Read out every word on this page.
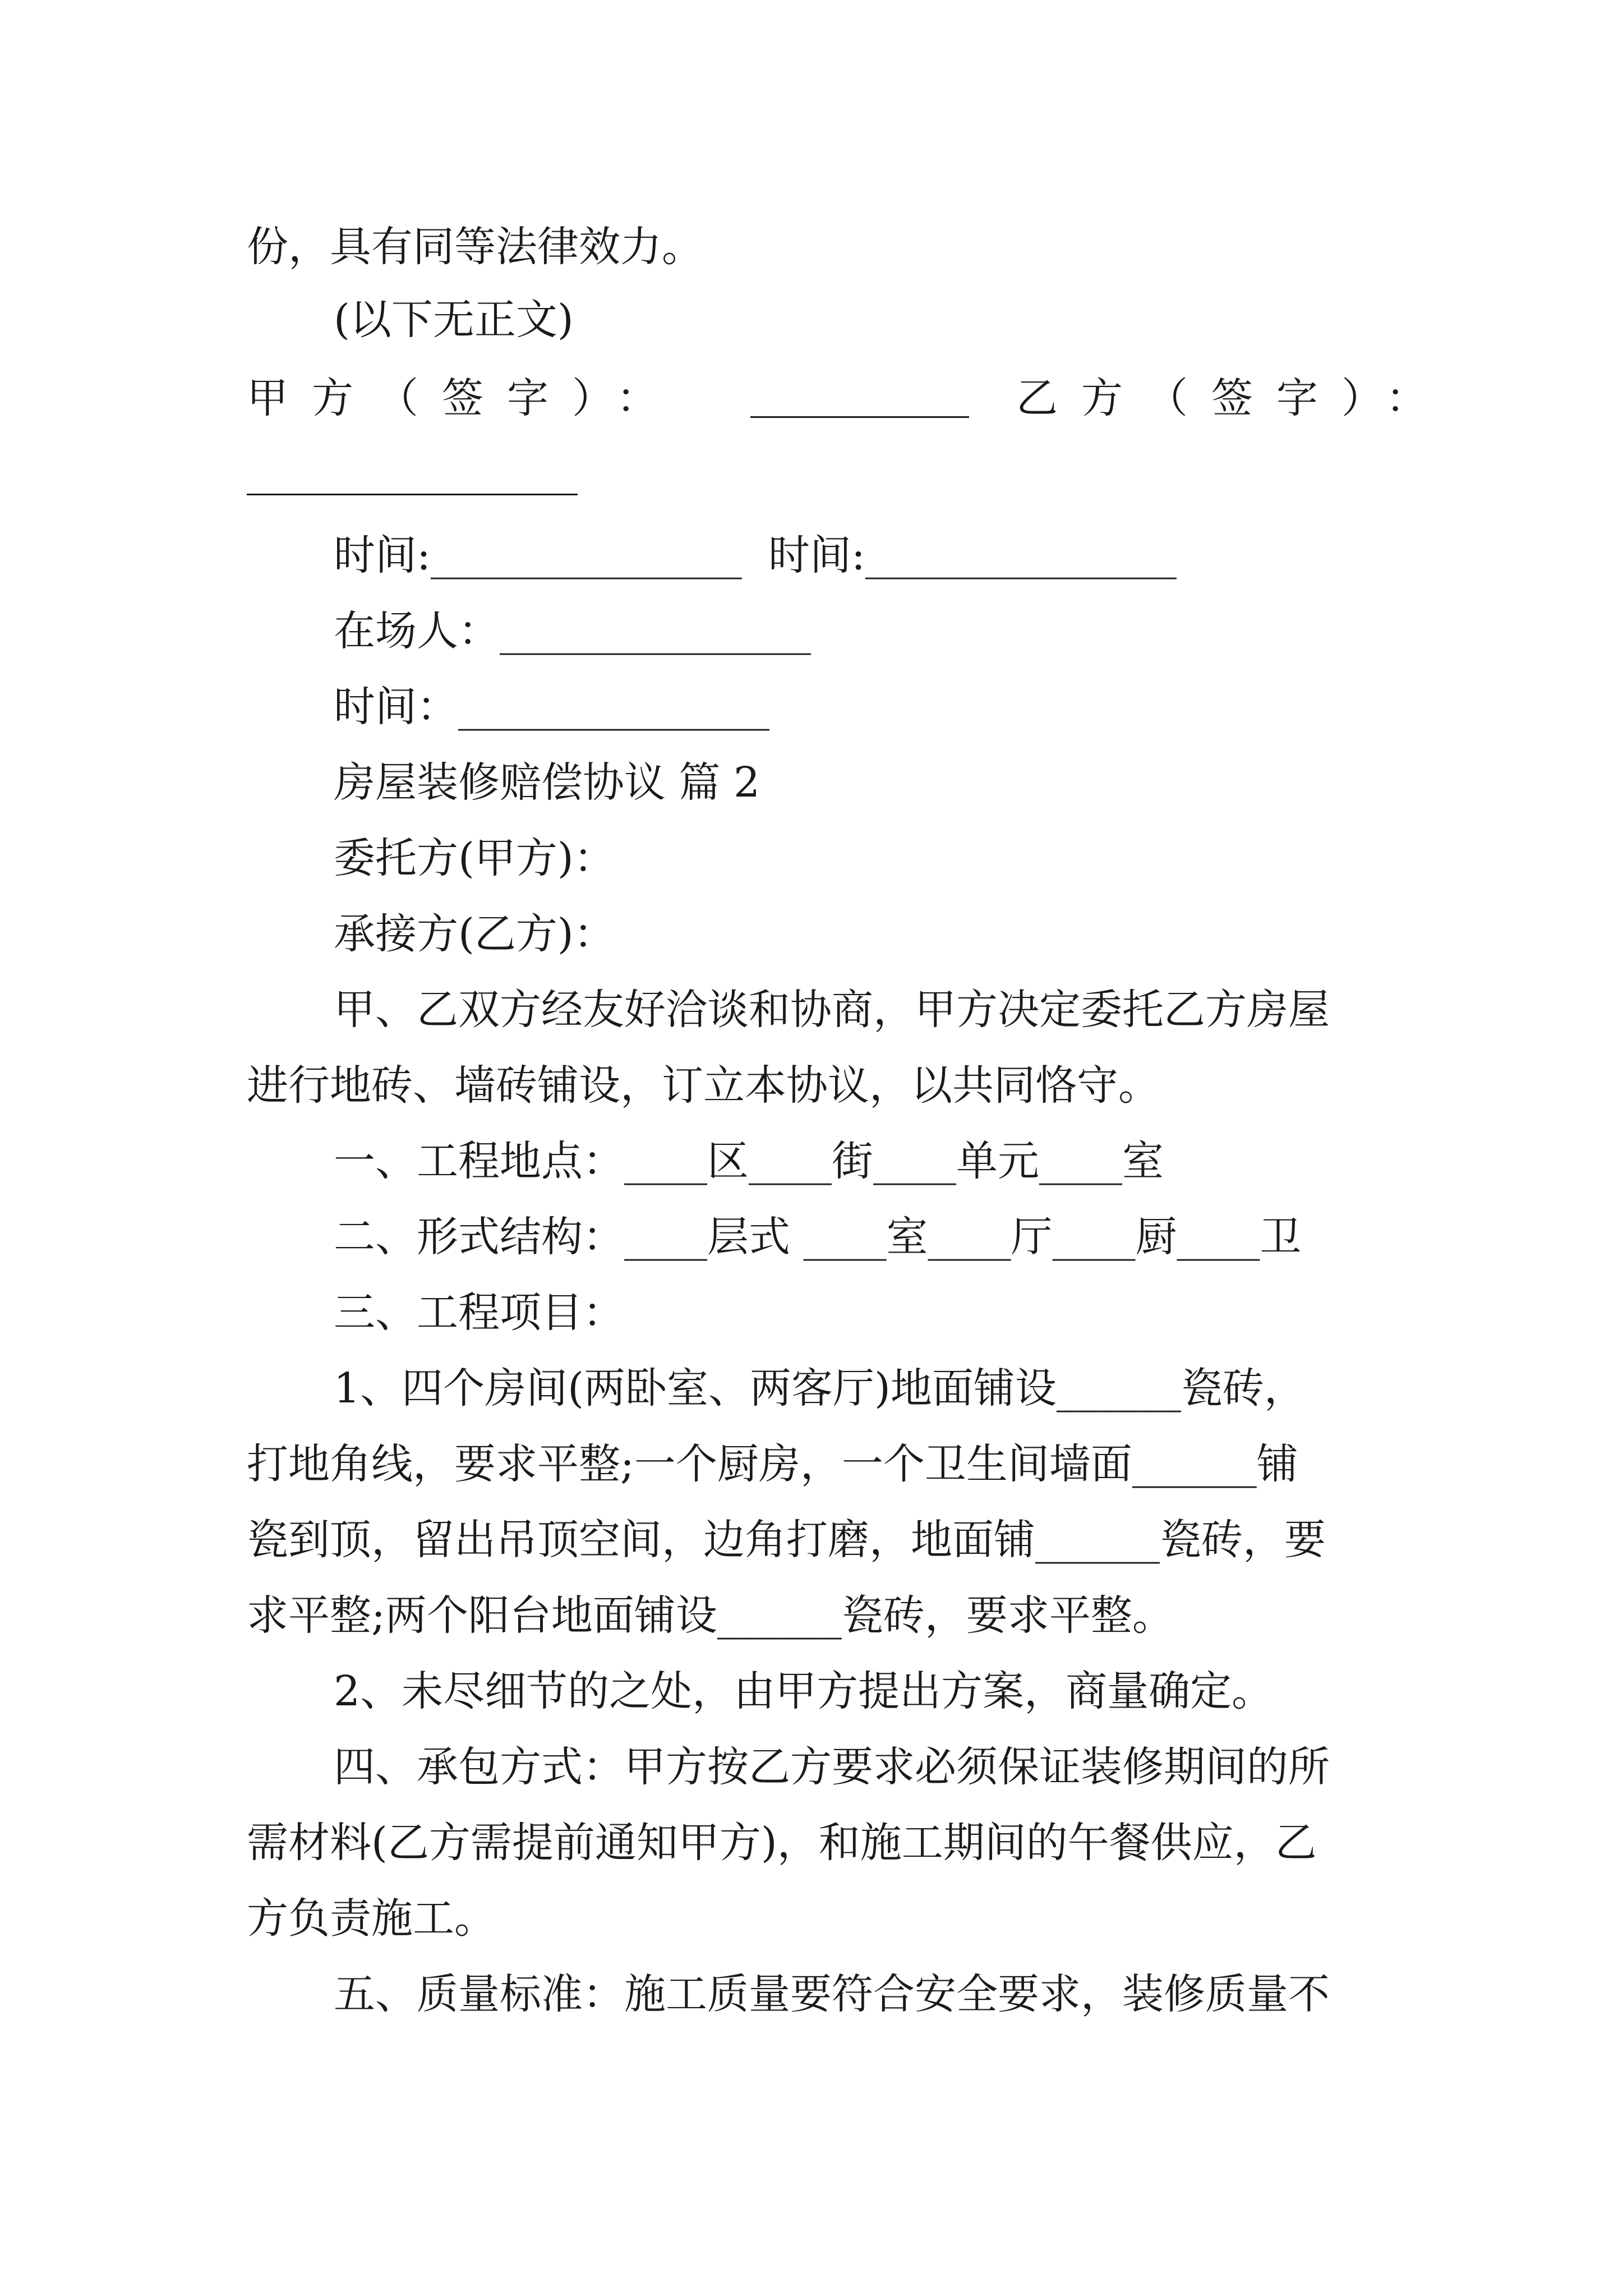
份，具有同等法律效力。
(以下无正文)
甲方（签字）：	乙方（签字）：
时间:_______________  时间:_______________
在场人：_______________
时间：_______________
房屋装修赔偿协议 篇 2
委托方(甲方)：
承接方(乙方)：
甲、乙双方经友好洽谈和协商，甲方决定委托乙方房屋
进行地砖、墙砖铺设，订立本协议，以共同恪守。
一、工程地点：____区____街____单元____室
二、形式结构：____层式 ____室____厅____厨____卫
三、工程项目：
1、四个房间(两卧室、两客厅)地面铺设______瓷砖，
打地角线，要求平整;一个厨房，一个卫生间墙面______铺
瓷到顶，留出吊顶空间，边角打磨，地面铺______瓷砖，要
求平整;两个阳台地面铺设______瓷砖，要求平整。
2、未尽细节的之处，由甲方提出方案，商量确定。
四、承包方式：甲方按乙方要求必须保证装修期间的所
需材料(乙方需提前通知甲方)，和施工期间的午餐供应，乙
方负责施工。
五、质量标准：施工质量要符合安全要求，装修质量不
